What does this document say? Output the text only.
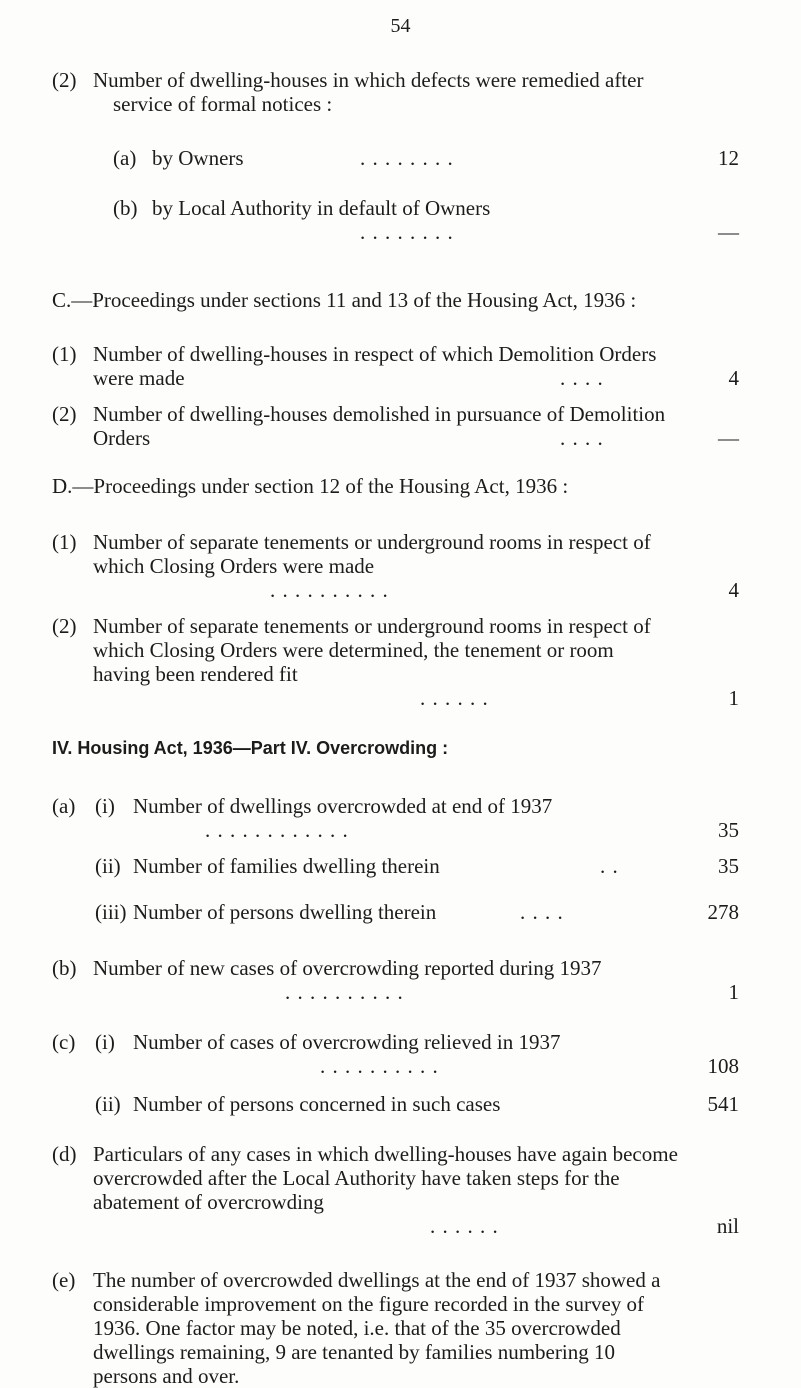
54
(2) Number of dwelling-houses in which defects were remedied after service of formal notices :
(a) by Owners	. . . . . . . .	12
(b) by Local Authority in default of Owners
. . . . . . . .	—
C.—Proceedings under sections 11 and 13 of the Housing Act, 1936 :
(1) Number of dwelling-houses in respect of which Demolition Orders were made	. . . .	4
(2) Number of dwelling-houses demolished in pursuance of Demolition Orders	. . . .	—
D.—Proceedings under section 12 of the Housing Act, 1936 :
(1) Number of separate tenements or underground rooms in respect of which Closing Orders were made
. . . . . . . . . .	4
(2) Number of separate tenements or underground rooms in respect of which Closing Orders were determined, the tenement or room having been rendered fit
. . . . . .	1
IV. Housing Act, 1936—Part IV. Overcrowding :
(a) (i) Number of dwellings overcrowded at end of 1937
. . . . . . . . . . . .	35
(ii) Number of families dwelling therein	. .	35
(iii) Number of persons dwelling therein	. . . .	278
(b) Number of new cases of overcrowding reported during 1937
. . . . . . . . . .	1
(c) (i) Number of cases of overcrowding relieved in 1937
. . . . . . . . . .	108
(ii) Number of persons concerned in such cases	541
(d) Particulars of any cases in which dwelling-houses have again become overcrowded after the Local Authority have taken steps for the abatement of overcrowding
. . . . . .	nil
(e) The number of overcrowded dwellings at the end of 1937 showed a considerable improvement on the figure recorded in the survey of 1936. One factor may be noted, i.e. that of the 35 overcrowded dwellings remaining, 9 are tenanted by families numbering 10 persons and over.
